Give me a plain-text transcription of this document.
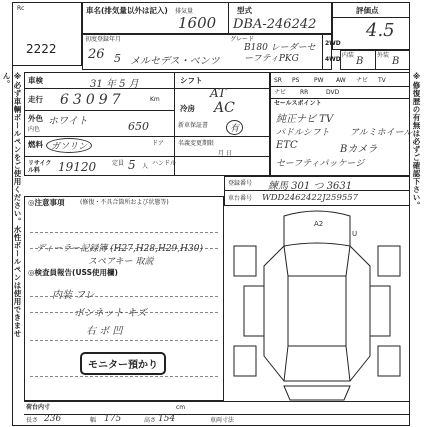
※必ず車輌ボールペンをご使用ください。水性ボールペンは使用できません。	※修復歴の有無は必ずご確認下さい。
Rc
2222
車名(排気量以外は記入) 排気量
1600
型式
DBA-246242
評価点
4.5
初度登録年月
26 5 メルセデス・ベンツ
グレード
B180 レーダーセーフティPKG
2WD
4WD
内装
B
外装
B
車検	31 年 5 月
走行 63097	Km
外色 ホワイト	650
内色
燃料 ガソリン	ドア
リサイクル料	19120	定員 5 人 ハンドル
シフト
AT
冷房 AC
新車保証書	有
名義変更期限
月 日
セールスポイント
SR PS PW AW ナビ TV
ナビ RR	DVD
純正ナビ TV
パドルシフト アルミホイール
ETC	Bカメラ
セーフティパッケージ
登録番号 練馬 301 つ 3631
車台番号 WDD2462422J259557
◎注意事項	(修復・不具合箇所および状態等)
ディーラー記録簿 (H27,H28,H29,H30)
スペアキー 取説
◎検査員報告(USS使用欄)
内装 フレ
ボンネット キズ
右 ボ 凹
モニター預かり
A2
U
荷台内寸	cm
長さ 236	幅 175	高さ 154	車両寸法
